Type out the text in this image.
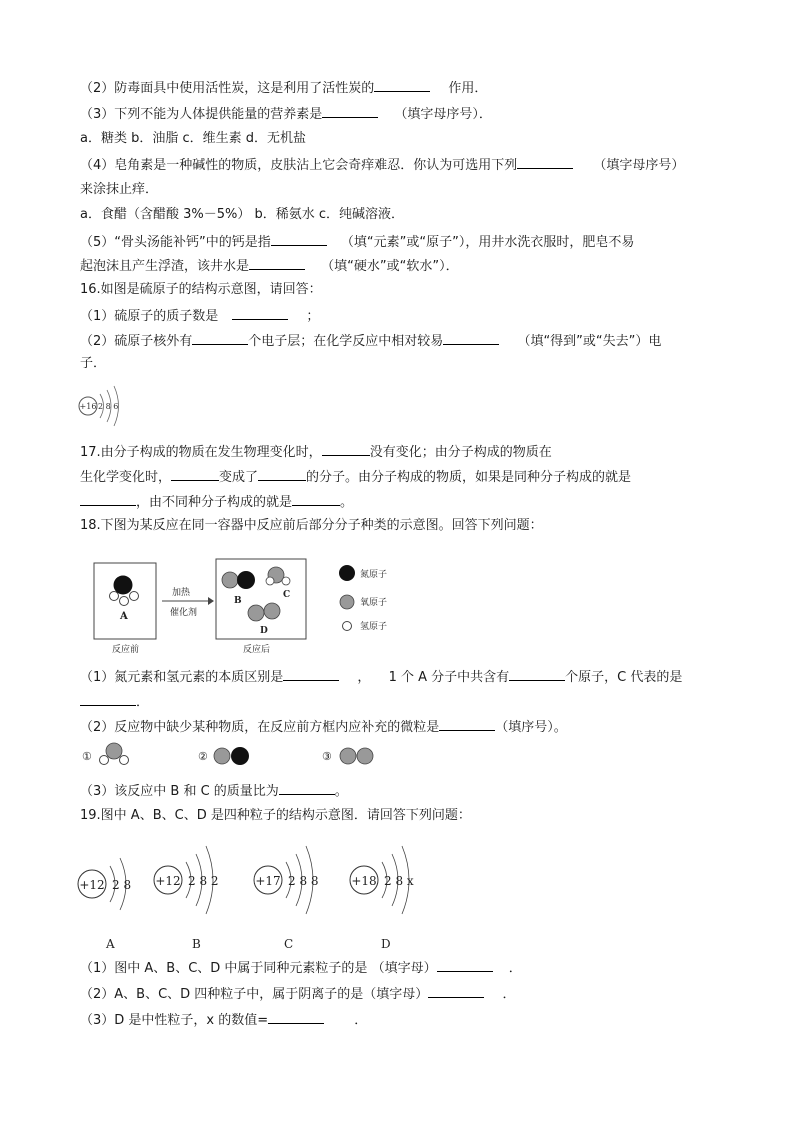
（2）防毒面具中使用活性炭，这是利用了活性炭的	作用．
（3）下列不能为人体提供能量的营养素是	（填字母序号）．
a．糖类 b．油脂 c．维生素 d．无机盐
（4）皂角素是一种碱性的物质，皮肤沾上它会奇痒难忍．你认为可选用下列	（填字母序号）
来涂抹止痒．
a．食醋（含醋酸 3%－5%） b．稀氨水 c．纯碱溶液．
（5）“骨头汤能补钙”中的钙是指	（填“元素”或“原子”），用井水洗衣服时，肥皂不易
起泡沫且产生浮渣，该井水是	（填“硬水”或“软水”）．
16.如图是硫原子的结构示意图，请回答：
（1）硫原子的质子数是	；
（2）硫原子核外有	个电子层；在化学反应中相对较易	（填“得到”或“失去”）电
子．
+16 2 8 6
17.由分子构成的物质在发生物理变化时，	没有变化；由分子构成的物质在
生化学变化时，	变成了	的分子。由分子构成的物质，如果是同种分子构成的就是
，由不同种分子构成的就是	。
18.下图为某反应在同一容器中反应前后部分分子种类的示意图。回答下列问题：
A
反应前
加热
催化剂
B
C
D
反应后
氮原子
氧原子
氢原子
（1）氮元素和氢元素的本质区别是	， 1 个 A 分子中共含有	个原子，C 代表的是
．
（2）反应物中缺少某种物质，在反应前方框内应补充的微粒是	（填序号）。
①	②	③
（3）该反应中 B 和 C 的质量比为	。
19.图中 A、B、C、D 是四种粒子的结构示意图．请回答下列问题：
+12 2 8
A
+12 2 8 2
B
+17 2 8 8
C
+18 2 8 x
D
（1）图中 A、B、C、D 中属于同种元素粒子的是 （填字母）	．
（2）A、B、C、D 四种粒子中，属于阴离子的是（填字母）	．
（3）D 是中性粒子，x 的数值=	．
